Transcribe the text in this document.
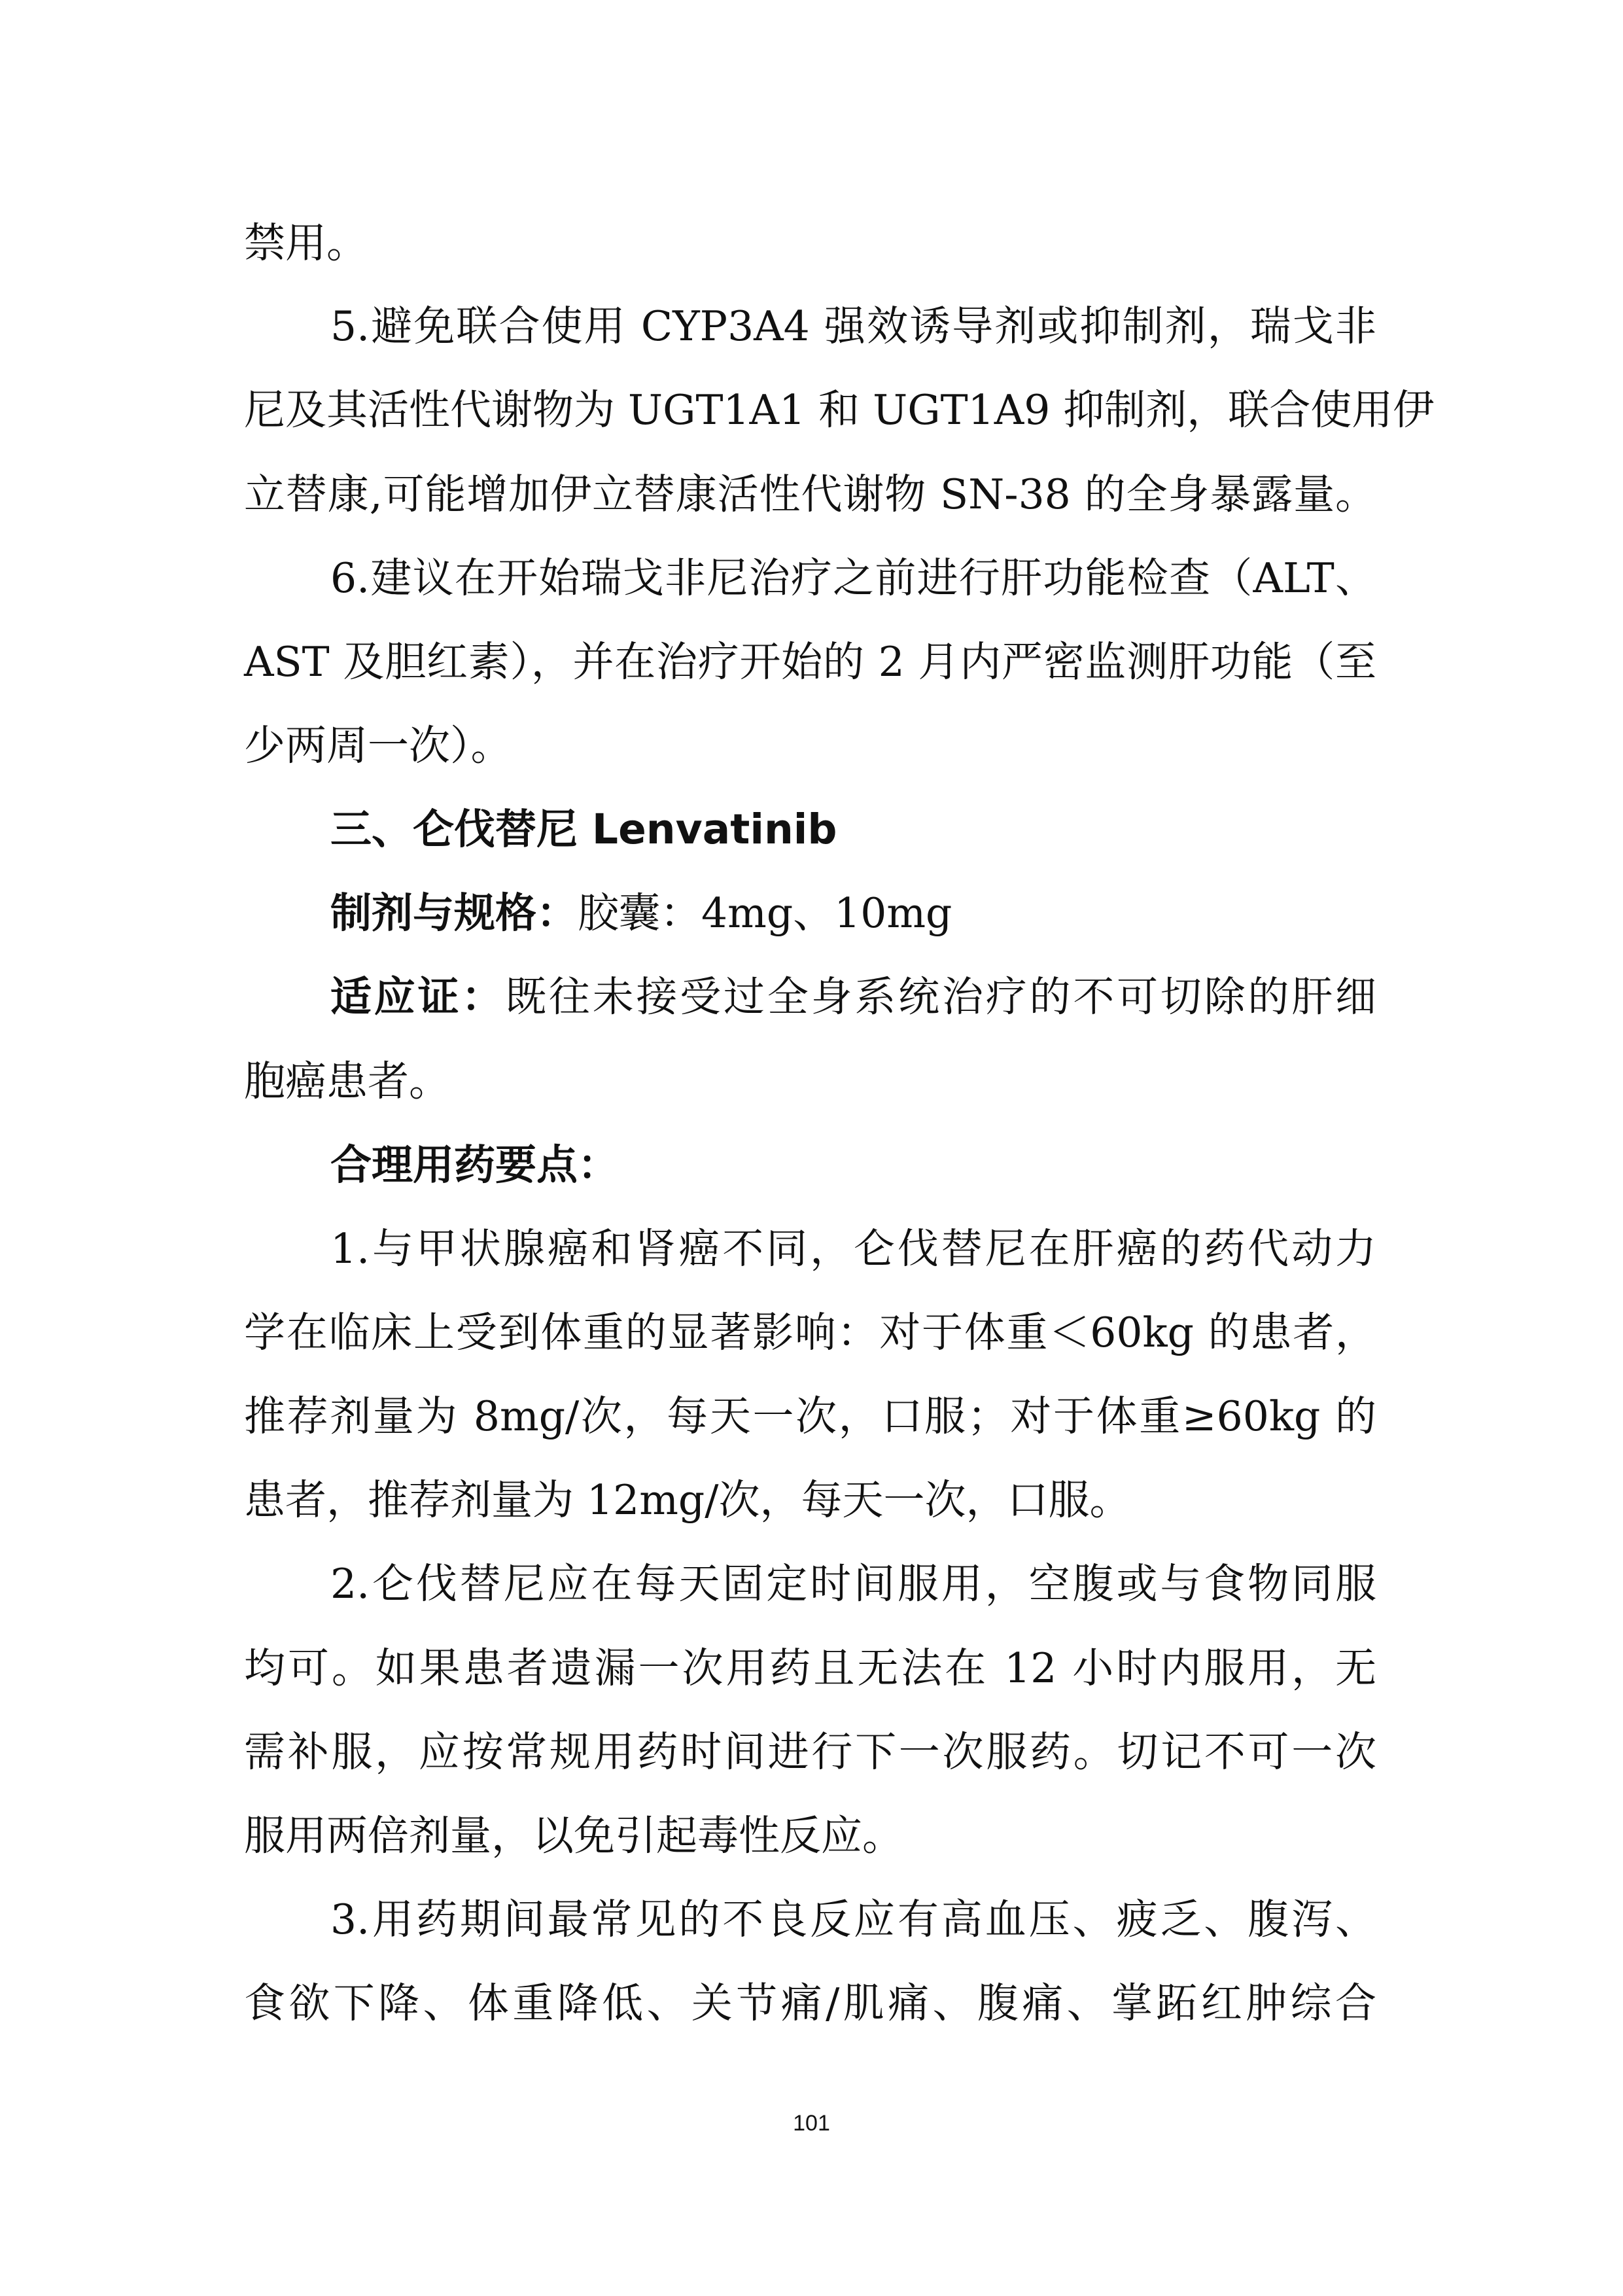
禁用。
5.避免联合使用 CYP3A4 强效诱导剂或抑制剂，瑞戈非
尼及其活性代谢物为 UGT1A1 和 UGT1A9 抑制剂，联合使用伊
立替康,可能增加伊立替康活性代谢物 SN-38 的全身暴露量。
6.建议在开始瑞戈非尼治疗之前进行肝功能检查（ALT、
AST 及胆红素），并在治疗开始的 2 月内严密监测肝功能（至
少两周一次）。
三、仑伐替尼 Lenvatinib
制剂与规格：胶囊：4mg、10mg
适应证：既往未接受过全身系统治疗的不可切除的肝细
胞癌患者。
合理用药要点：
1.与甲状腺癌和肾癌不同，仑伐替尼在肝癌的药代动力
学在临床上受到体重的显著影响：对于体重＜60kg 的患者，
推荐剂量为 8mg/次，每天一次，口服；对于体重≥60kg 的
患者，推荐剂量为 12mg/次，每天一次，口服。
2.仑伐替尼应在每天固定时间服用，空腹或与食物同服
均可。如果患者遗漏一次用药且无法在 12 小时内服用，无
需补服，应按常规用药时间进行下一次服药。切记不可一次
服用两倍剂量，以免引起毒性反应。
3.用药期间最常见的不良反应有高血压、疲乏、腹泻、
食欲下降、体重降低、关节痛/肌痛、腹痛、掌跖红肿综合
101
